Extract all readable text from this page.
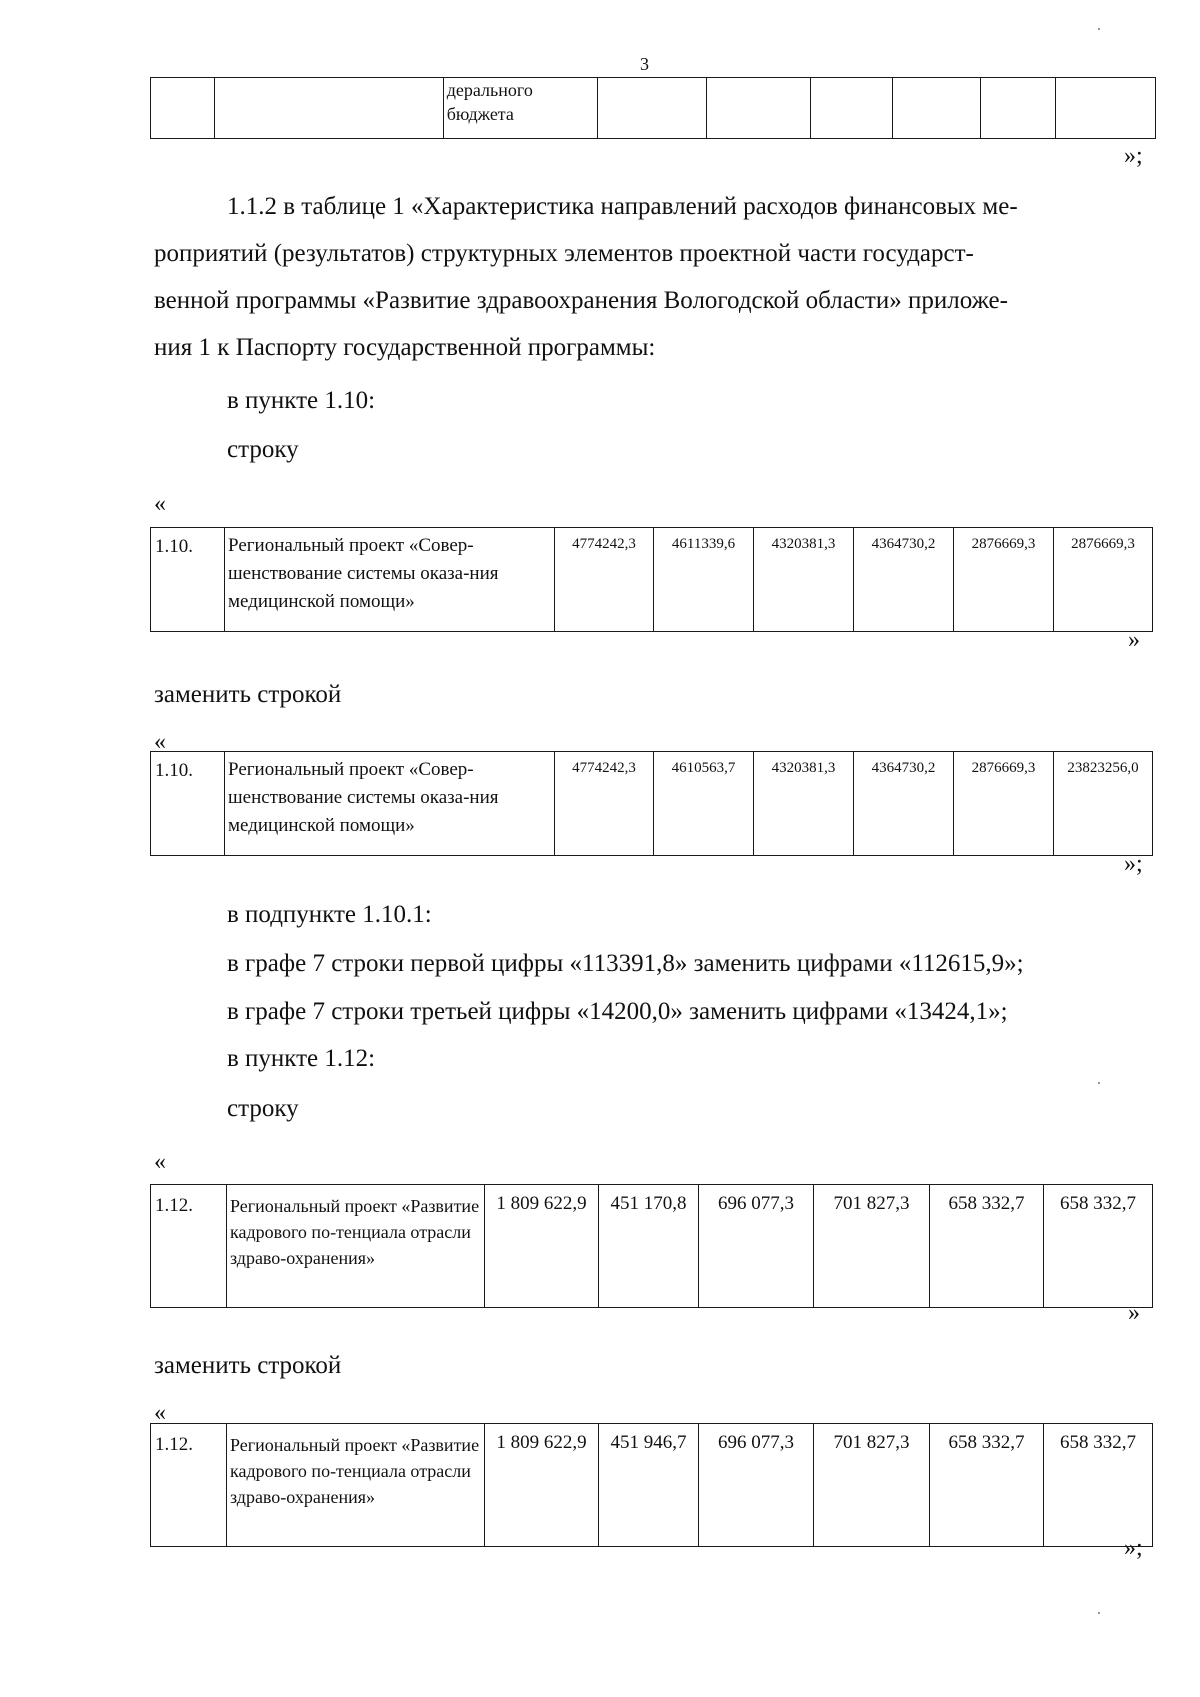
3
		дерального бюджета						
»;
1.1.2 в таблице 1 «Характеристика направлений расходов финансовых ме-
роприятий (результатов) структурных элементов проектной части государст-
венной программы «Развитие здравоохранения Вологодской области» приложе-
ния 1 к Паспорту государственной программы:
в пункте 1.10:
строку
«
1.10.	Региональный проект «Совер-шенствование системы оказа-ния медицинской помощи»	4774242,3	4611339,6	4320381,3	4364730,2	2876669,3	2876669,3
»
заменить строкой
«
1.10.	Региональный проект «Совер-шенствование системы оказа-ния медицинской помощи»	4774242,3	4610563,7	4320381,3	4364730,2	2876669,3	23823256,0
»;
в подпункте 1.10.1:
в графе 7 строки первой цифры «113391,8» заменить цифрами «112615,9»;
в графе 7 строки третьей цифры «14200,0» заменить цифрами «13424,1»;
в пункте 1.12:
строку
«
1.12.	Региональный проект «Развитие кадрового по-тенциала отрасли здраво-охранения»	1 809 622,9	451 170,8	696 077,3	701 827,3	658 332,7	658 332,7
»
заменить строкой
«
1.12.	Региональный проект «Развитие кадрового по-тенциала отрасли здраво-охранения»	1 809 622,9	451 946,7	696 077,3	701 827,3	658 332,7	658 332,7
»;
